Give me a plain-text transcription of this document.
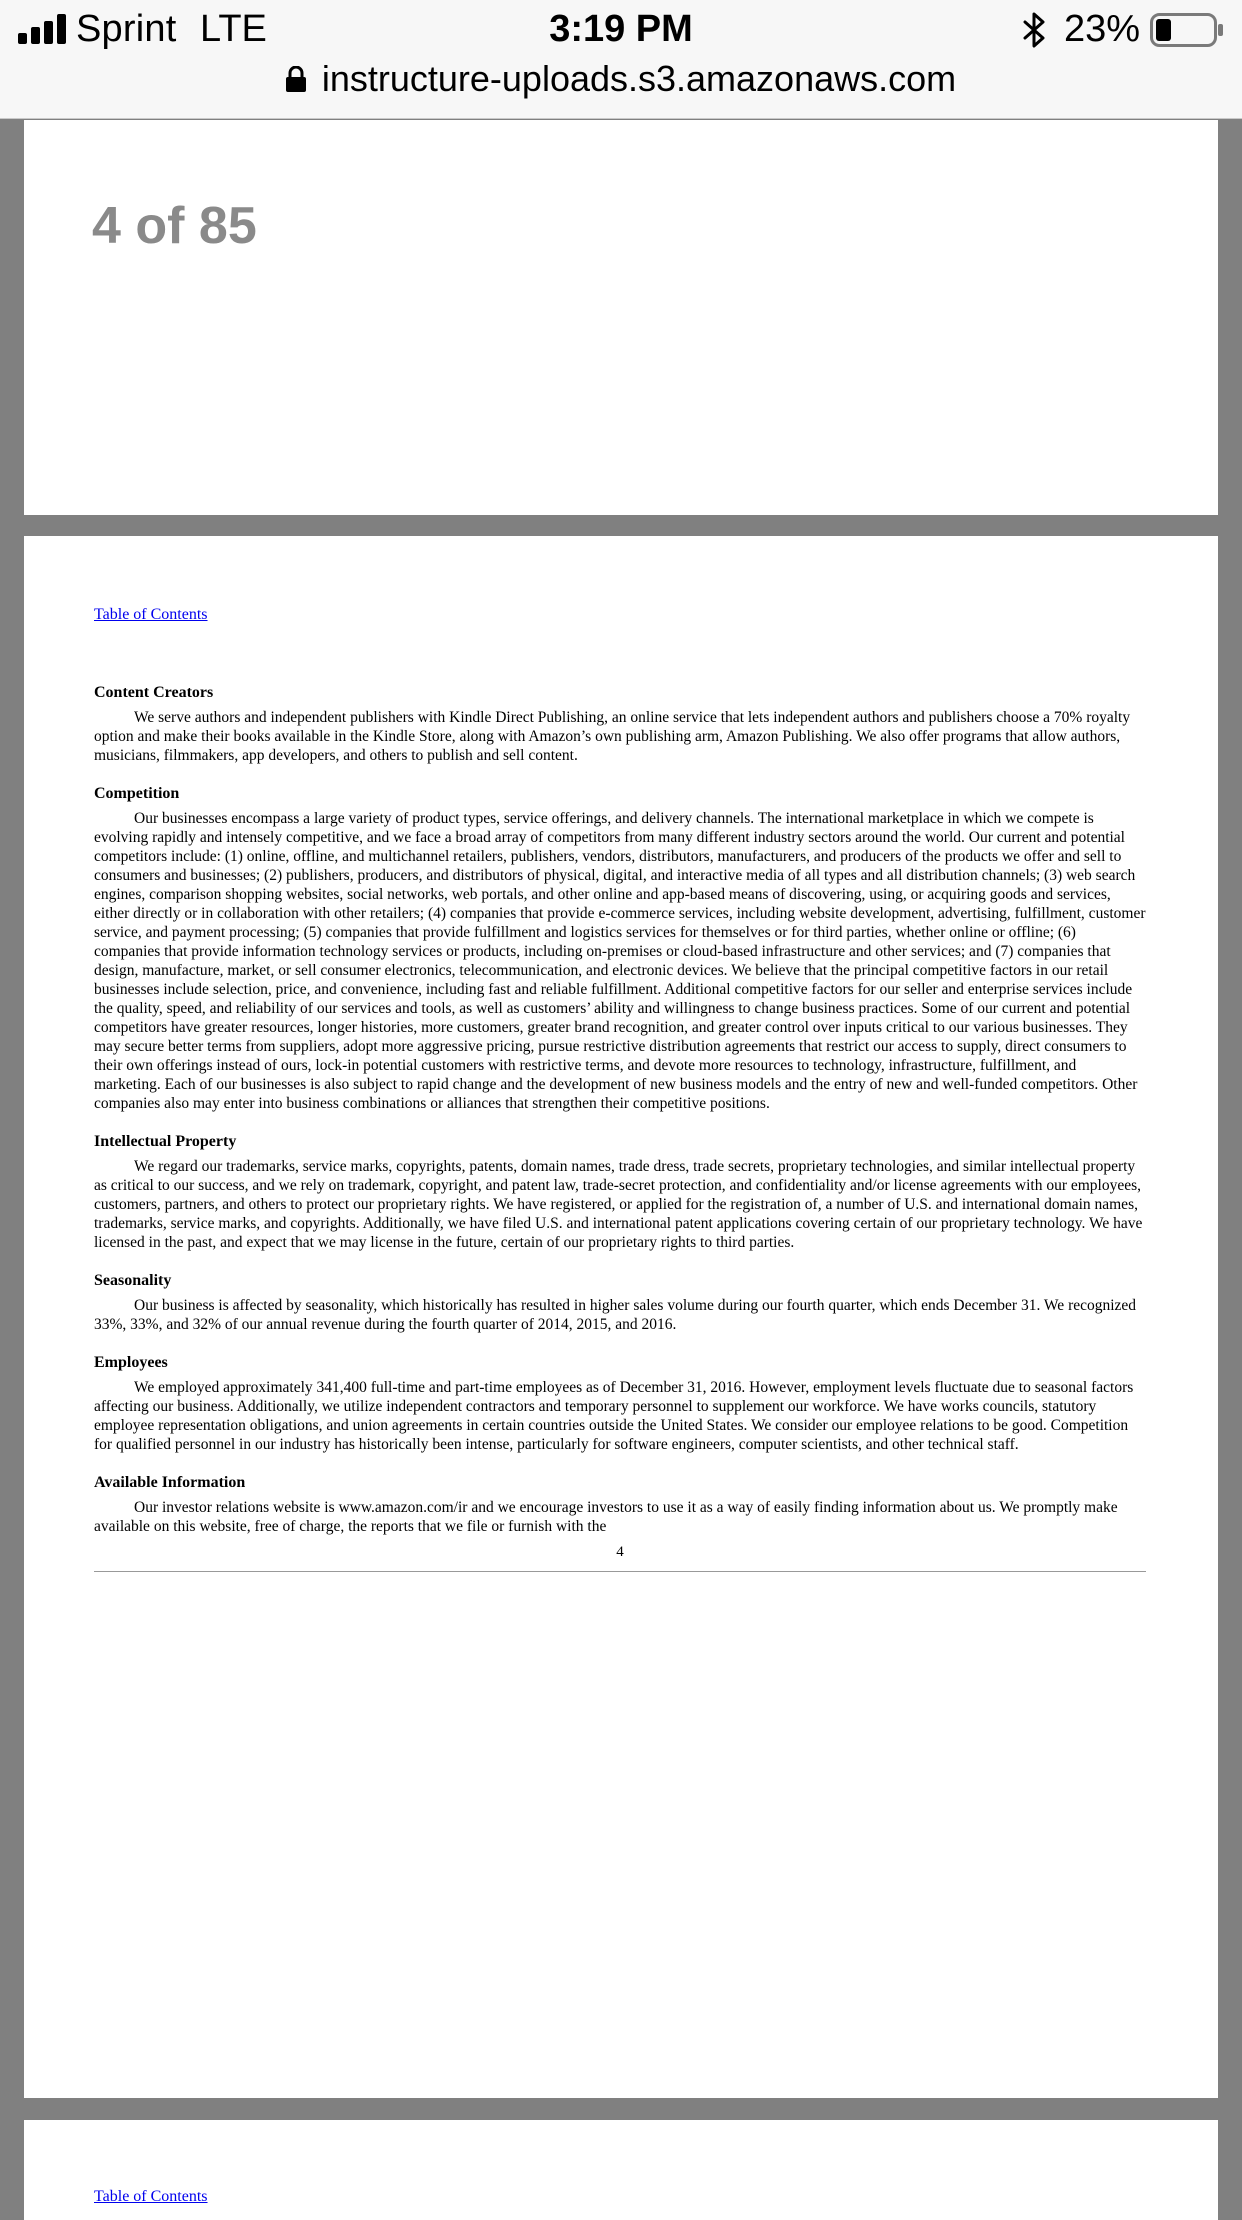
Sprint LTE	3:19 PM	23%
instructure-uploads.s3.amazonaws.com
4 of 85
Table of Contents
Content Creators

We serve authors and independent publishers with Kindle Direct Publishing, an online service that lets independent authors and publishers choose a 70% royalty option and make their books available in the Kindle Store, along with Amazon’s own publishing arm, Amazon Publishing. We also offer programs that allow authors, musicians, filmmakers, app developers, and others to publish and sell content.

Competition

Our businesses encompass a large variety of product types, service offerings, and delivery channels. The international marketplace in which we compete is evolving rapidly and intensely competitive, and we face a broad array of competitors from many different industry sectors around the world. Our current and potential competitors include: (1) online, offline, and multichannel retailers, publishers, vendors, distributors, manufacturers, and producers of the products we offer and sell to consumers and businesses; (2) publishers, producers, and distributors of physical, digital, and interactive media of all types and all distribution channels; (3) web search engines, comparison shopping websites, social networks, web portals, and other online and app-based means of discovering, using, or acquiring goods and services, either directly or in collaboration with other retailers; (4) companies that provide e-commerce services, including website development, advertising, fulfillment, customer service, and payment processing; (5) companies that provide fulfillment and logistics services for themselves or for third parties, whether online or offline; (6) companies that provide information technology services or products, including on-premises or cloud-based infrastructure and other services; and (7) companies that design, manufacture, market, or sell consumer electronics, telecommunication, and electronic devices. We believe that the principal competitive factors in our retail businesses include selection, price, and convenience, including fast and reliable fulfillment. Additional competitive factors for our seller and enterprise services include the quality, speed, and reliability of our services and tools, as well as customers’ ability and willingness to change business practices. Some of our current and potential competitors have greater resources, longer histories, more customers, greater brand recognition, and greater control over inputs critical to our various businesses. They may secure better terms from suppliers, adopt more aggressive pricing, pursue restrictive distribution agreements that restrict our access to supply, direct consumers to their own offerings instead of ours, lock-in potential customers with restrictive terms, and devote more resources to technology, infrastructure, fulfillment, and marketing. Each of our businesses is also subject to rapid change and the development of new business models and the entry of new and well-funded competitors. Other companies also may enter into business combinations or alliances that strengthen their competitive positions.

Intellectual Property

We regard our trademarks, service marks, copyrights, patents, domain names, trade dress, trade secrets, proprietary technologies, and similar intellectual property as critical to our success, and we rely on trademark, copyright, and patent law, trade-secret protection, and confidentiality and/or license agreements with our employees, customers, partners, and others to protect our proprietary rights. We have registered, or applied for the registration of, a number of U.S. and international domain names, trademarks, service marks, and copyrights. Additionally, we have filed U.S. and international patent applications covering certain of our proprietary technology. We have licensed in the past, and expect that we may license in the future, certain of our proprietary rights to third parties.

Seasonality

Our business is affected by seasonality, which historically has resulted in higher sales volume during our fourth quarter, which ends December 31. We recognized 33%, 33%, and 32% of our annual revenue during the fourth quarter of 2014, 2015, and 2016.

Employees

We employed approximately 341,400 full-time and part-time employees as of December 31, 2016. However, employment levels fluctuate due to seasonal factors affecting our business. Additionally, we utilize independent contractors and temporary personnel to supplement our workforce. We have works councils, statutory employee representation obligations, and union agreements in certain countries outside the United States. We consider our employee relations to be good. Competition for qualified personnel in our industry has historically been intense, particularly for software engineers, computer scientists, and other technical staff.

Available Information

Our investor relations website is www.amazon.com/ir and we encourage investors to use it as a way of easily finding information about us. We promptly make available on this website, free of charge, the reports that we file or furnish with the

4
Table of Contents
